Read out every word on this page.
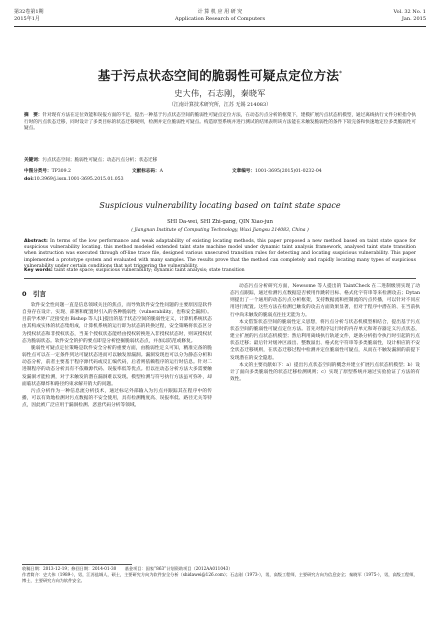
第32卷第1期
2015年1月
计 算 机 应 用 研 究
Application Research of Computers
Vol. 32 No. 1
Jan. 2015
基于污点状态空间的脆弱性可疑点定位方法*
史大伟，石志刚，秦晓军
（江南计算技术研究所，江苏 无锡 214083）
摘　要：针对现有方法在定位效能和误报方面的不足，提出一种基于污点状态空间的脆弱性可疑点定位方法，在动态污点分析的框架下，建模扩展污点状态机模型，通过离线执行文件分析指令执行时的污点状态迁移，同时设计了多类目标的状态迁移规则，检测并定位脆弱性可疑点。构造原型系统并进行测试的结果表明该方法能在未触发脆弱性的条件下较完备和快速地定位多类脆弱性可疑点。
关键词：污点状态空间；脆弱性可疑点；动态污点分析；状态迁移
中图分类号：TP309.2	文献标志码：A	文章编号：1001-3695(2015)01-0232-04
doi:10.3969/j.issn.1001-3695.2015.01.053
Suspicious vulnerability locating based on taint state space
SHI Da-wei, SHI Zhi-gang, QIN Xiao-jun
( Jiangnan Institute of Computing Technology, Wuxi Jiangsu 214083, China )
Abstract: In terms of the low performance and weak adaptability of existing locating methods, this paper proposed a new method based on taint state space for suspicious vulnerability locating. this method modeled extended taint state machine model under dynamic taint analysis framework, analysed taint state transition when instruction was executed through off-line trace file, designed various unsecured transition rules for detecting and locating suspicious vulnerability. This paper implemented a prototype system and evaluated with many samples. The results prove that the method can completely and rapidly locating many types of suspicious vulnerability under certain conditions that not triggering the vulnerability.
Key words: taint state space; suspicious vulnerability; dynamic taint analysis; state transition
0　引言

软件安全性问题一直是信息领域关注的焦点，而导致软件安全性问题的主要原因是软件自身存在设计、实现、部署和配置时引入的各种脆弱性（vulnerability，也称安全漏洞）。目前学术界广泛接受由 Bishop 等人[1]提出的基于状态空间的脆弱性定义，计算机系统状态由其构成实体的状态集组成，计算机系统的运行即为状态的转换过程，安全策略将状态区分为授权状态和非授权状态，当某个授权状态能经由授权转换进入非授权状态时，则该授权状态为脆弱状态。软件安全的护的要点即是分析挖掘脆弱状态点，并加以防范或修复。

脆弱性可疑点定位策略是软件安全分析的重要方面，由脆弱性定义可知，精准完备的脆弱性点可以在一定条件到达可疑状态进而可以触发原漏洞。漏洞发现也可以分为静态分析和动态分析，前者主要基于程序源代码或反汇编代码，后者则依赖程序的运行时信息。针对二进制程序的动态分析具有不依赖源代码、误报率低等优点。但以往动态分析方法大多需要触发漏洞才能检测，对于未触发的潜在漏洞难以发现。模型检测与符号执行方法虽可弥补，却面临状态爆炸和路径约束求解开销大的问题。

污点分析作为一种信息流分析技术，通过标记外部输入为污点并跟踪其在程序中的传播，可以有效地检测对污点数据的不安全使用，具有检测精度高、误报率低、路径无关等特点，因此被广泛应用于漏洞检测、恶意代码分析等领域。

动态污点分析研究方面，Newsome 等人提出的 TaintCheck 在二进制级别实现了动态污点跟踪，通过检测污点数据是否被用作跳转目标、格式化字符串等来检测攻击；Dytan 则提出了一个通用的动态污点分析框架，支持数据流和控制流的污点传播，可以针对不同应用进行配置。这些方法在检测已触发的攻击方面效果显著，但对于程序中潜在的、在当前执行中尚未触发的脆弱点往往无能为力。

本文借鉴状态空间的脆弱性定义思想，将污点分析与状态机模型相结合，提出基于污点状态空间的脆弱性可疑点定位方法。首先对程序运行时的内存单元和寄存器定义污点状态，建立扩展的污点状态机模型；然后利用离线执行轨迹文件，逐条分析指令执行时引起的污点状态迁移；最后针对缓冲区溢出、整数溢出、格式化字符串等多类脆弱性，设计相应的不安全状态迁移规则，在状态迁移过程中检测并定位脆弱性可疑点，从而在不触发漏洞的前提下发现潜在的安全隐患。

本文的主要贡献如下：a）提出污点状态空间的概念并建立扩展污点状态机模型；b）设计了面向多类脆弱性的状态迁移检测规则；c）实现了原型系统并通过实验验证了方法的有效性。

收稿日期：2013-12-19；修回日期：2014-01-30　　基金项目：国家“863”计划资助项目（2012AA011043）
作者简介：史大伟（1989-），男，江苏盐城人，硕士，主要研究方向为软件安全分析（shidawei@126.com）；石志刚（1973-），男，高级工程师，主要研究方向为信息安全；秦晓军（1975-），男，高级工程师，博士，主要研究方向为软件安全。
